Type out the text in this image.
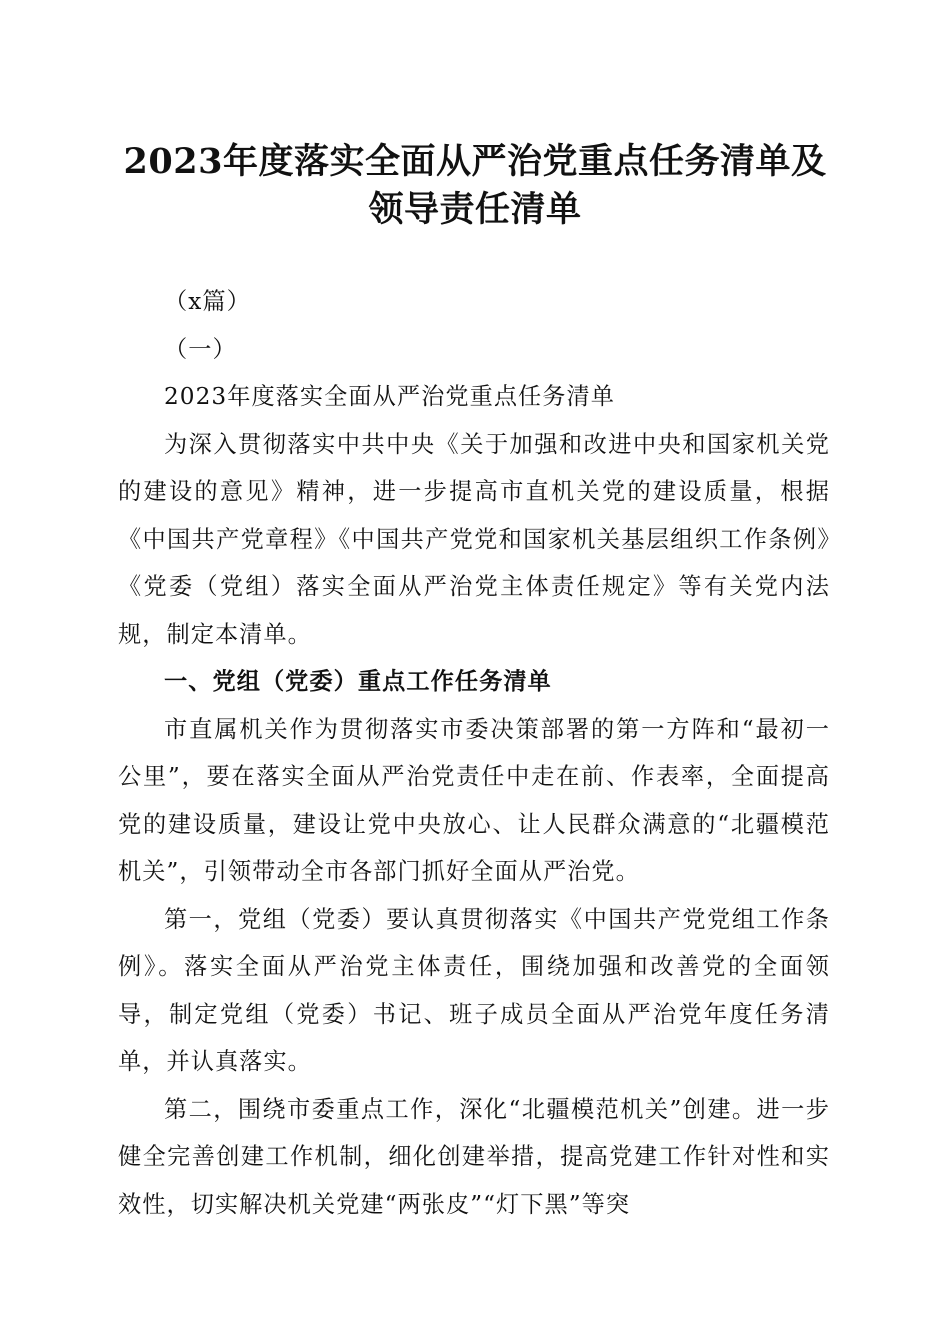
2023年度落实全面从严治党重点任务清单及
领导责任清单

（x篇）

（一）

2023年度落实全面从严治党重点任务清单

为深入贯彻落实中共中央《关于加强和改进中央和国家机关党的建设的意见》精神，进一步提高市直机关党的建设质量，根据《中国共产党章程》《中国共产党党和国家机关基层组织工作条例》《党委（党组）落实全面从严治党主体责任规定》等有关党内法规，制定本清单。

一、党组（党委）重点工作任务清单

市直属机关作为贯彻落实市委决策部署的第一方阵和“最初一公里”，要在落实全面从严治党责任中走在前、作表率，全面提高党的建设质量，建设让党中央放心、让人民群众满意的“北疆模范机关”，引领带动全市各部门抓好全面从严治党。

第一，党组（党委）要认真贯彻落实《中国共产党党组工作条例》。落实全面从严治党主体责任，围绕加强和改善党的全面领导，制定党组（党委）书记、班子成员全面从严治党年度任务清单，并认真落实。

第二，围绕市委重点工作，深化“北疆模范机关”创建。进一步健全完善创建工作机制，细化创建举措，提高党建工作针对性和实效性，切实解决机关党建“两张皮”“灯下黑”等突
